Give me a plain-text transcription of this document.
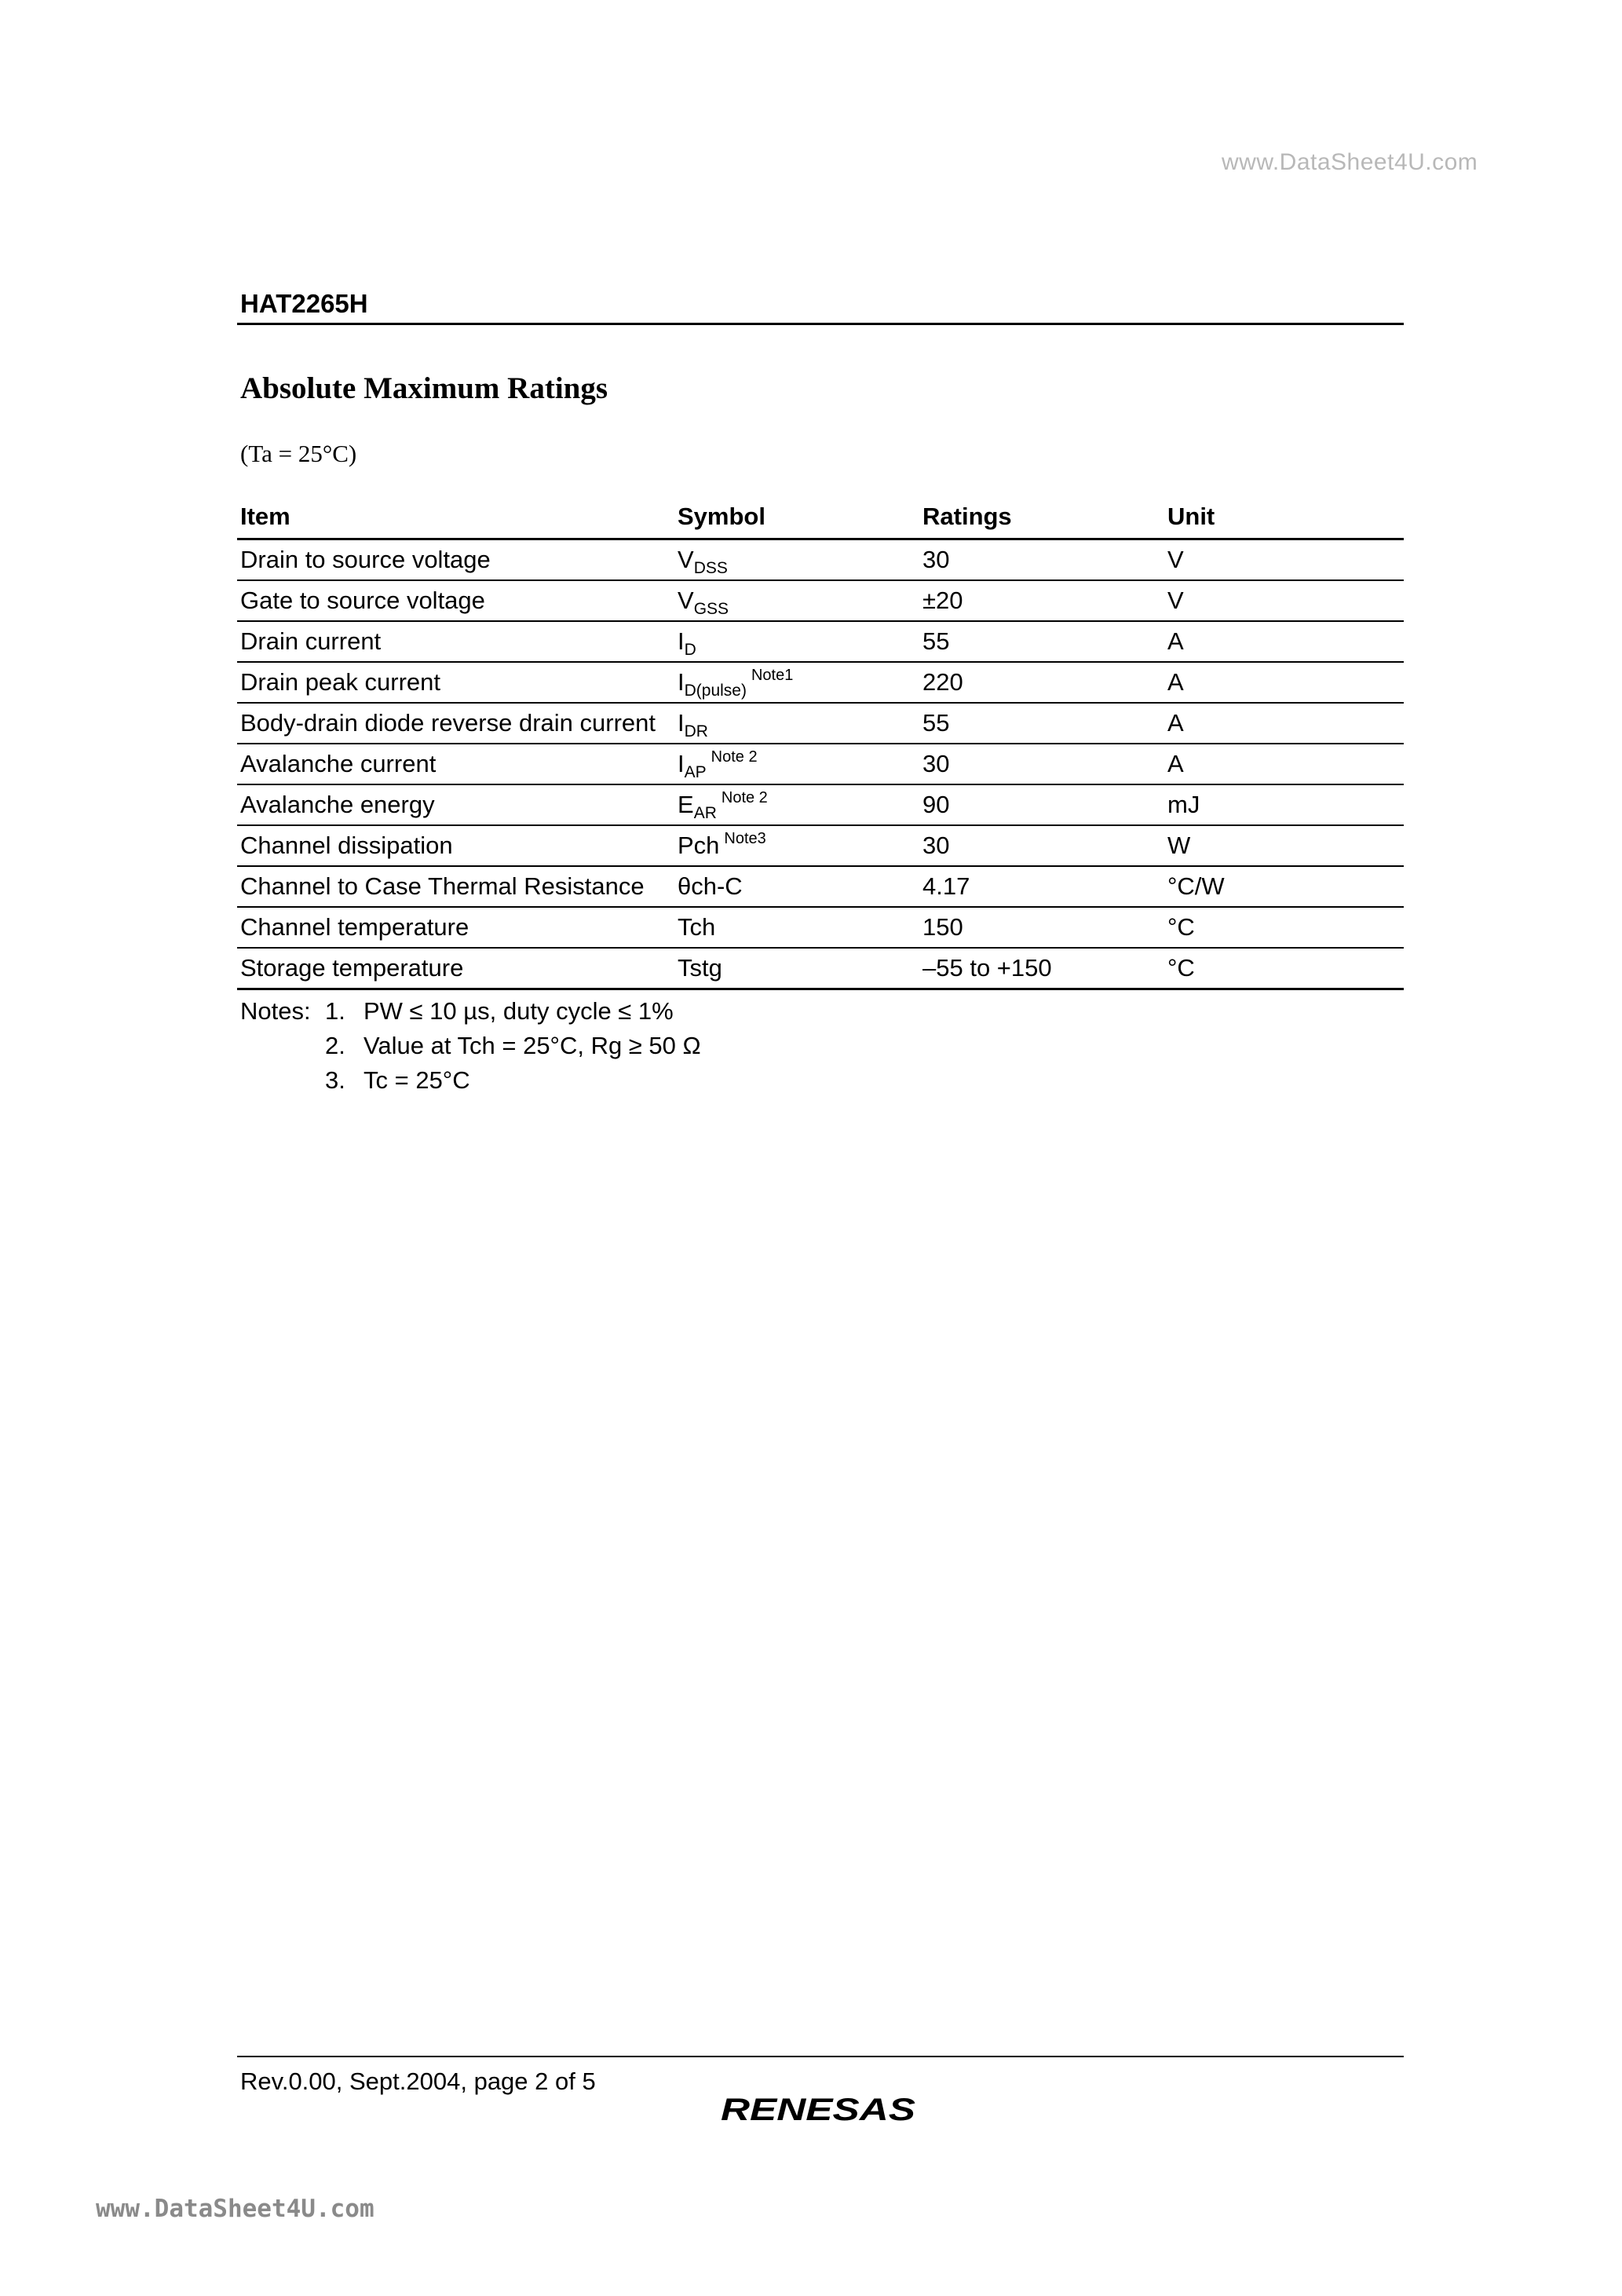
www.DataSheet4U.com
HAT2265H
Absolute Maximum Ratings
(Ta = 25°C)
Item	Symbol	Ratings	Unit
Drain to source voltage	$V_{DSS}$	30	V
Gate to source voltage	$V_{GSS}$	±20	V
Drain current	$I_D$	55	A
Drain peak current	$I_{D(pulse)}^{Note1}$	220	A
Body-drain diode reverse drain current	$I_{DR}$	55	A
Avalanche current	$I_{AP}^{Note 2}$	30	A
Avalanche energy	$E_{AR}^{Note 2}$	90	mJ
Channel dissipation	Pch $^{Note3}$	30	W
Channel to Case Thermal Resistance	θch-C	4.17	°C/W
Channel temperature	Tch	150	°C
Storage temperature	Tstg	–55 to +150	°C
Notes: 1. PW ≤ 10 µs, duty cycle ≤ 1%
2. Value at Tch = 25°C, Rg ≥ 50 Ω
3. Tc = 25°C
Rev.0.00, Sept.2004, page 2 of 5
RENESAS
www.DataSheet4U.com
